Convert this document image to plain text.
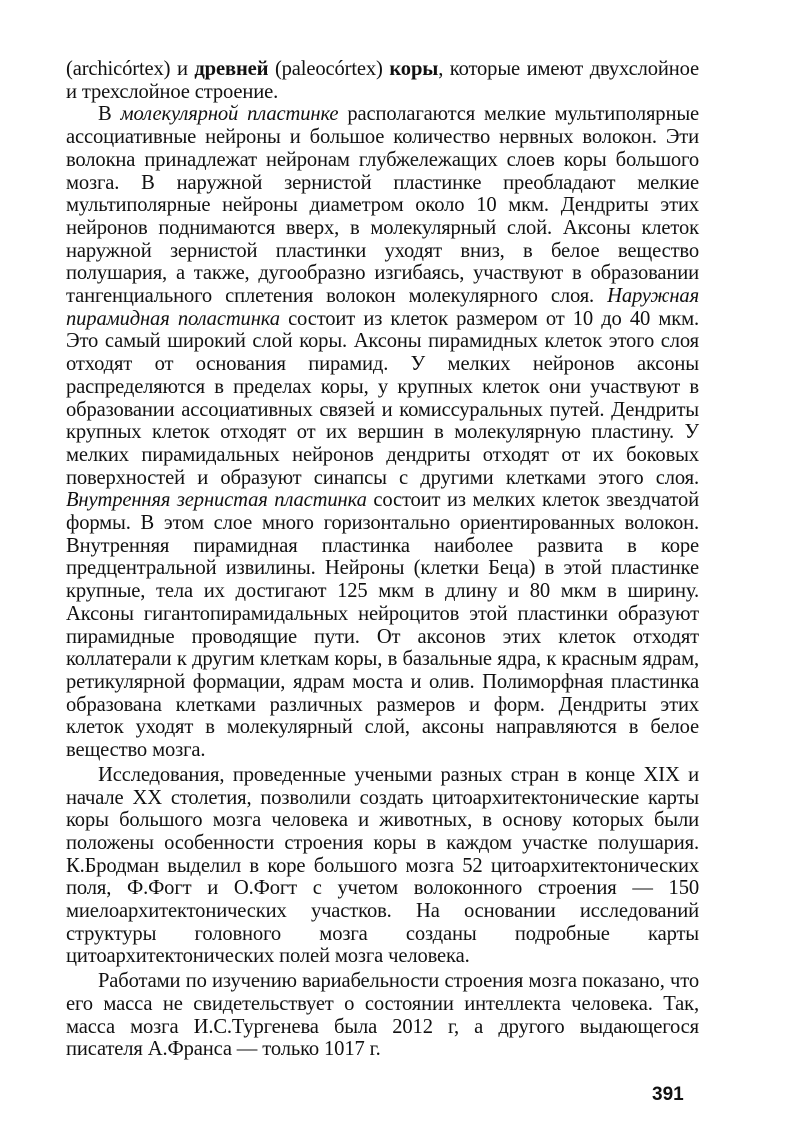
(archicórtex) и древней (paleocórtex) коры, которые имеют двухслойное и трехслойное строение.

В молекулярной пластинке располагаются мелкие мультиполярные ассоциативные нейроны и большое количество нервных волокон. Эти волокна принадлежат нейронам глубжележащих слоев коры большого мозга. В наружной зернистой пластинке преобладают мелкие мультиполярные нейроны диаметром около 10 мкм. Дендриты этих нейронов поднимаются вверх, в молекулярный слой. Аксоны клеток наружной зернистой пластинки уходят вниз, в белое вещество полушария, а также, дугообразно изгибаясь, участвуют в образовании тангенциального сплетения волокон молекулярного слоя. Наружная пирамидная поластинка состоит из клеток размером от 10 до 40 мкм. Это самый широкий слой коры. Аксоны пирамидных клеток этого слоя отходят от основания пирамид. У мелких нейронов аксоны распределяются в пределах коры, у крупных клеток они участвуют в образовании ассоциативных связей и комиссуральных путей. Дендриты крупных клеток отходят от их вершин в молекулярную пластину. У мелких пирамидальных нейронов дендриты отходят от их боковых поверхностей и образуют синапсы с другими клетками этого слоя. Внутренняя зернистая пластинка состоит из мелких клеток звездчатой формы. В этом слое много горизонтально ориентированных волокон. Внутренняя пирамидная пластинка наиболее развита в коре предцентральной извилины. Нейроны (клетки Беца) в этой пластинке крупные, тела их достигают 125 мкм в длину и 80 мкм в ширину. Аксоны гигантопирамидальных нейроцитов этой пластинки образуют пирамидные проводящие пути. От аксонов этих клеток отходят коллатерали к другим клеткам коры, в базальные ядра, к красным ядрам, ретикулярной формации, ядрам моста и олив. Полиморфная пластинка образована клетками различных размеров и форм. Дендриты этих клеток уходят в молекулярный слой, аксоны направляются в белое вещество мозга.

Исследования, проведенные учеными разных стран в конце XIX и начале XX столетия, позволили создать цитоархитектонические карты коры большого мозга человека и животных, в основу которых были положены особенности строения коры в каждом участке полушария. К.Бродман выделил в коре большого мозга 52 цитоархитектонических поля, Ф.Фогт и О.Фогт с учетом волоконного строения — 150 миелоархитектонических участков. На основании исследований структуры головного мозга созданы подробные карты цитоархитектонических полей мозга человека.

Работами по изучению вариабельности строения мозга показано, что его масса не свидетельствует о состоянии интеллекта человека. Так, масса мозга И.С.Тургенева была 2012 г, а другого выдающегося писателя А.Франса — только 1017 г.

391
